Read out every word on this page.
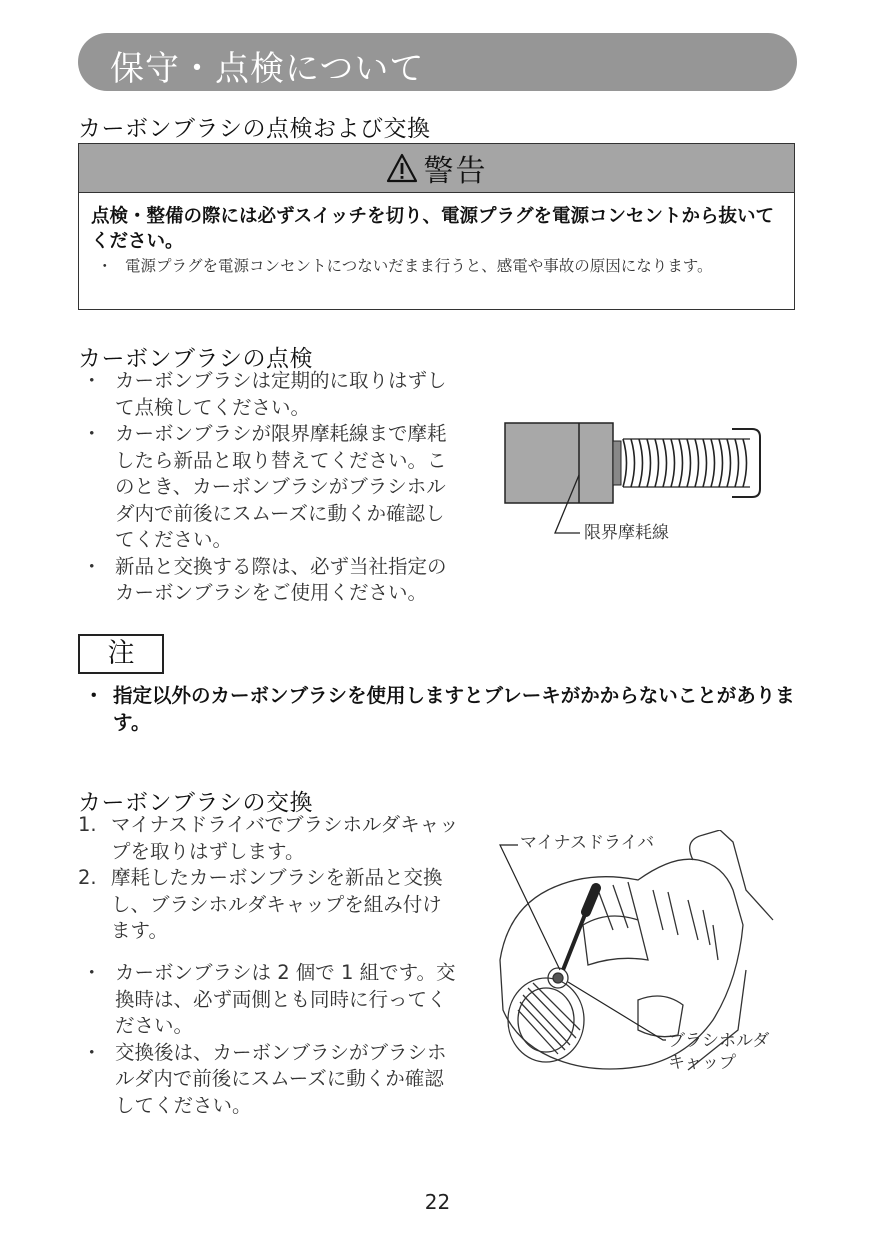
保守・点検について
カーボンブラシの点検および交換
警告
点検・整備の際には必ずスイッチを切り、電源プラグを電源コンセントから抜いてください。
・ 電源プラグを電源コンセントにつないだまま行うと、感電や事故の原因になります。
カーボンブラシの点検
・ カーボンブラシは定期的に取りはずして点検してください。
・ カーボンブラシが限界摩耗線まで摩耗したら新品と取り替えてください。このとき、カーボンブラシがブラシホルダ内で前後にスムーズに動くか確認してください。
・ 新品と交換する際は、必ず当社指定のカーボンブラシをご使用ください。
限界摩耗線
注
・ 指定以外のカーボンブラシを使用しますとブレーキがかからないことがあります。
カーボンブラシの交換
1. マイナスドライバでブラシホルダキャップを取りはずします。
2. 摩耗したカーボンブラシを新品と交換し、ブラシホルダキャップを組み付けます。
・ カーボンブラシは 2 個で 1 組です。交換時は、必ず両側とも同時に行ってください。
・ 交換後は、カーボンブラシがブラシホルダ内で前後にスムーズに動くか確認してください。
マイナスドライバ
ブラシホルダ
キャップ
22
